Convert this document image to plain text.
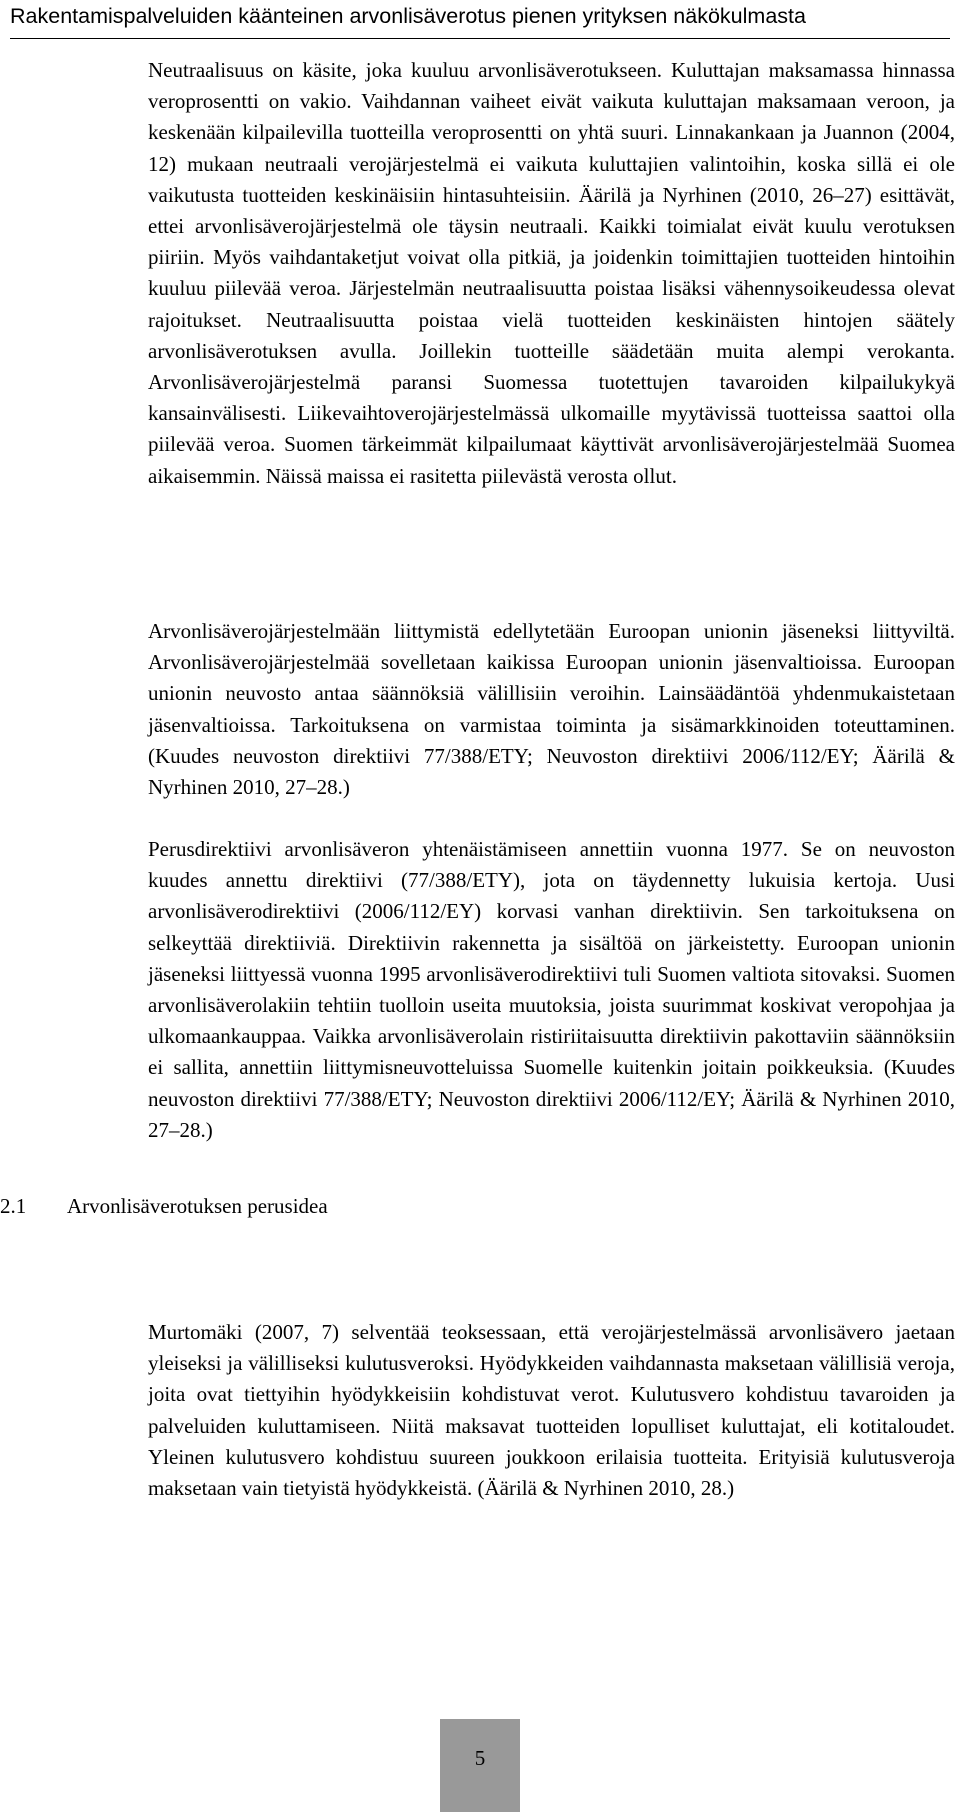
Rakentamispalveluiden käänteinen arvonlisäverotus pienen yrityksen näkökulmasta

Neutraalisuus on käsite, joka kuuluu arvonlisäverotukseen. Kuluttajan maksamassa hinnassa veroprosentti on vakio. Vaihdannan vaiheet eivät vaikuta kuluttajan maksamaan veroon, ja keskenään kilpailevilla tuotteilla veroprosentti on yhtä suuri. Linnakankaan ja Juannon (2004, 12) mukaan neutraali verojärjestelmä ei vaikuta kuluttajien valintoihin, koska sillä ei ole vaikutusta tuotteiden keskinäisiin hintasuhteisiin. Äärilä ja Nyrhinen (2010, 26–27) esittävät, ettei arvonlisäverojärjestelmä ole täysin neutraali. Kaikki toimialat eivät kuulu verotuksen piiriin. Myös vaihdantaketjut voivat olla pitkiä, ja joidenkin toimittajien tuotteiden hintoihin kuuluu piilevää veroa. Järjestelmän neutraalisuutta poistaa lisäksi vähennysoikeudessa olevat rajoitukset. Neutraalisuutta poistaa vielä tuotteiden keskinäisten hintojen säätely arvonlisäverotuksen avulla. Joillekin tuotteille säädetään muita alempi verokanta. Arvonlisäverojärjestelmä paransi Suomessa tuotettujen tavaroiden kilpailukykyä kansainvälisesti. Liikevaihtoverojärjestelmässä ulkomaille myytävissä tuotteissa saattoi olla piilevää veroa. Suomen tärkeimmät kilpailumaat käyttivät arvonlisäverojärjestelmää Suomea aikaisemmin. Näissä maissa ei rasitetta piilevästä verosta ollut.

Arvonlisäverojärjestelmään liittymistä edellytetään Euroopan unionin jäseneksi liittyviltä. Arvonlisäverojärjestelmää sovelletaan kaikissa Euroopan unionin jäsenvaltioissa. Euroopan unionin neuvosto antaa säännöksiä välillisiin veroihin. Lainsäädäntöä yhdenmukaistetaan jäsenvaltioissa. Tarkoituksena on varmistaa toiminta ja sisämarkkinoiden toteuttaminen. (Kuudes neuvoston direktiivi 77/388/ETY; Neuvoston direktiivi 2006/112/EY; Äärilä & Nyrhinen 2010, 27–28.)

Perusdirektiivi arvonlisäveron yhtenäistämiseen annettiin vuonna 1977. Se on neuvoston kuudes annettu direktiivi (77/388/ETY), jota on täydennetty lukuisia kertoja. Uusi arvonlisäverodirektiivi (2006/112/EY) korvasi vanhan direktiivin. Sen tarkoituksena on selkeyttää direktiiviä. Direktiivin rakennetta ja sisältöä on järkeistetty. Euroopan unionin jäseneksi liittyessä vuonna 1995 arvonlisäverodirektiivi tuli Suomen valtiota sitovaksi. Suomen arvonlisäverolakiin tehtiin tuolloin useita muutoksia, joista suurimmat koskivat veropohjaa ja ulkomaankauppaa. Vaikka arvonlisäverolain ristiriitaisuutta direktiivin pakottaviin säännöksiin ei sallita, annettiin liittymisneuvotteluissa Suomelle kuitenkin joitain poikkeuksia. (Kuudes neuvoston direktiivi 77/388/ETY; Neuvoston direktiivi 2006/112/EY; Äärilä & Nyrhinen 2010, 27–28.)

2.1 Arvonlisäverotuksen perusidea

Murtomäki (2007, 7) selventää teoksessaan, että verojärjestelmässä arvonlisävero jaetaan yleiseksi ja välilliseksi kulutusveroksi. Hyödykkeiden vaihdannasta maksetaan välillisiä veroja, joita ovat tiettyihin hyödykkeisiin kohdistuvat verot. Kulutusvero kohdistuu tavaroiden ja palveluiden kuluttamiseen. Niitä maksavat tuotteiden lopulliset kuluttajat, eli kotitaloudet. Yleinen kulutusvero kohdistuu suureen joukkoon erilaisia tuotteita. Erityisiä kulutusveroja maksetaan vain tietyistä hyödykkeistä. (Äärilä & Nyrhinen 2010, 28.)

5
